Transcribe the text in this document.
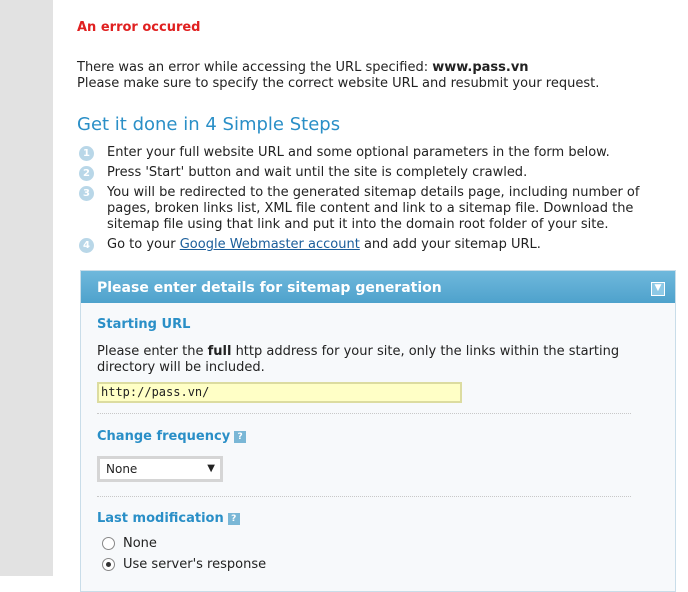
An error occured
There was an error while accessing the URL specified: www.pass.vn
Please make sure to specify the correct website URL and resubmit your request.
Get it done in 4 Simple Steps
1	Enter your full website URL and some optional parameters in the form below.
2	Press 'Start' button and wait until the site is completely crawled.
3	You will be redirected to the generated sitemap details page, including number of pages, broken links list, XML file content and link to a sitemap file. Download the sitemap file using that link and put it into the domain root folder of your site.
4	Go to your Google Webmaster account and add your sitemap URL.
Please enter details for sitemap generation	▼
Starting URL
Please enter the full http address for your site, only the links within the starting directory will be included.
http://pass.vn/
Change frequency ?
None	▼
Last modification ?
None
Use server's response
